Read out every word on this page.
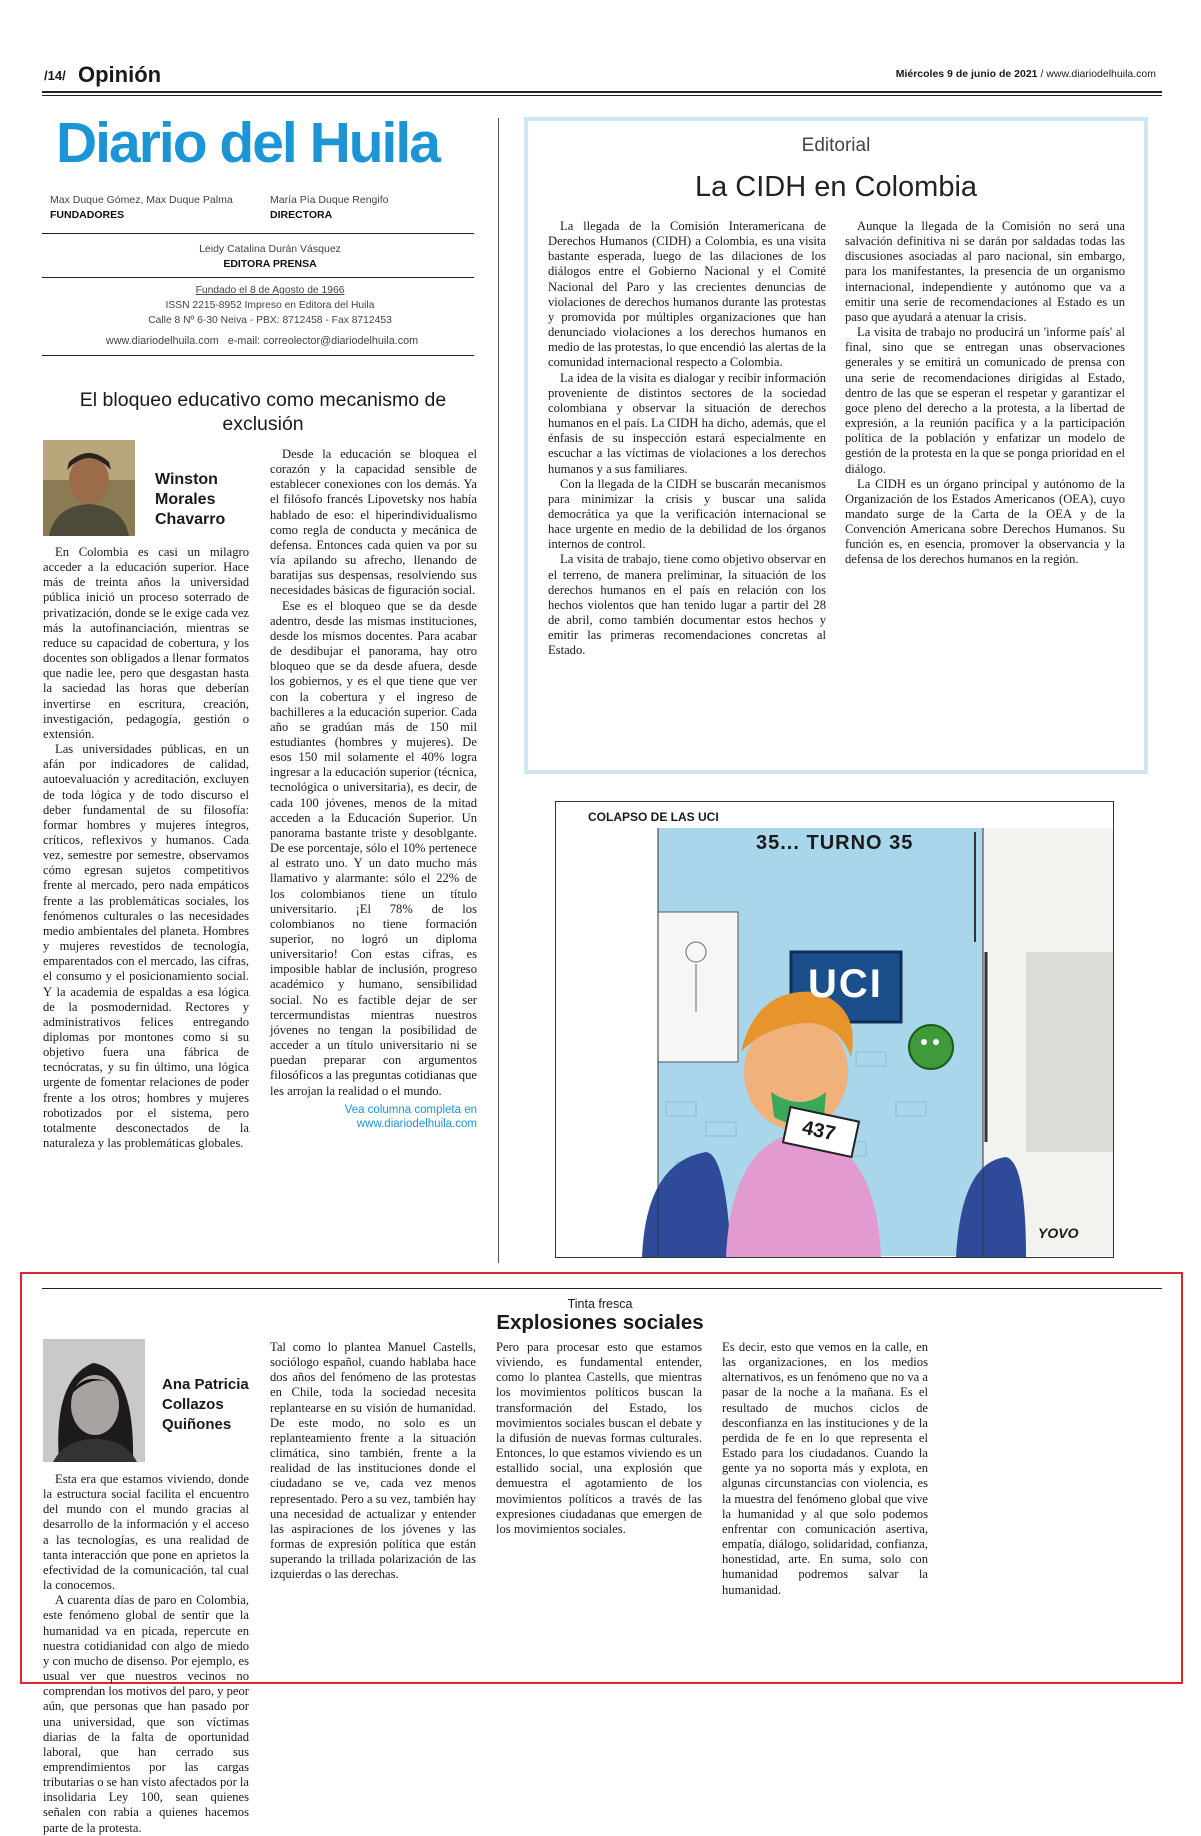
/14/ Opinión	Miércoles 9 de junio de 2021 / www.diariodelhuila.com
Diario del Huila
Max Duque Gómez, Max Duque Palma
FUNDADORES
María Pía Duque Rengifo
DIRECTORA
Leidy Catalina Durán Vásquez
EDITORA PRENSA
Fundado el 8 de Agosto de 1966
ISSN 2215-8952 Impreso en Editora del Huila
Calle 8 Nº 6-30 Neiva - PBX: 8712458 - Fax 8712453
www.diariodelhuila.com e-mail: correolector@diariodelhuila.com
El bloqueo educativo como mecanismo de exclusión
Winston Morales Chavarro

En Colombia es casi un milagro acceder a la educación superior. Hace más de treinta años la universidad pública inició un proceso soterrado de privatización, donde se le exige cada vez más la autofinanciación, mientras se reduce su capacidad de cobertura, y los docentes son obligados a llenar formatos que nadie lee, pero que desgastan hasta la saciedad las horas que deberían invertirse en escritura, creación, investigación, pedagogía, gestión o extensión.

Las universidades públicas, en un afán por indicadores de calidad, autoevaluación y acreditación, excluyen de toda lógica y de todo discurso el deber fundamental de su filosofía: formar hombres y mujeres íntegros, críticos, reflexivos y humanos. Cada vez, semestre por semestre, observamos cómo egresan sujetos competitivos frente al mercado, pero nada empáticos frente a las problemáticas sociales, los fenómenos culturales o las necesidades medio ambientales del planeta. Hombres y mujeres revestidos de tecnología, emparentados con el mercado, las cifras, el consumo y el posicionamiento social. Y la academia de espaldas a esa lógica de la posmodernidad. Rectores y administrativos felices entregando diplomas por montones como si su objetivo fuera una fábrica de tecnócratas, y su fin último, una lógica urgente de fomentar relaciones de poder frente a los otros; hombres y mujeres robotizados por el sistema, pero totalmente desconectados de la naturaleza y las problemáticas globales.

Desde la educación se bloquea el corazón y la capacidad sensible de establecer conexiones con los demás. Ya el filósofo francés Lipovetsky nos había hablado de eso: el hiperindividualismo como regla de conducta y mecánica de defensa. Entonces cada quien va por su vía apilando su afrecho, llenando de baratijas sus despensas, resolviendo sus necesidades básicas de figuración social.

Ese es el bloqueo que se da desde adentro, desde las mismas instituciones, desde los mismos docentes. Para acabar de desdibujar el panorama, hay otro bloqueo que se da desde afuera, desde los gobiernos, y es el que tiene que ver con la cobertura y el ingreso de bachilleres a la educación superior. Cada año se gradúan más de 150 mil estudiantes (hombres y mujeres). De esos 150 mil solamente el 40% logra ingresar a la educación superior (técnica, tecnológica o universitaria), es decir, de cada 100 jóvenes, menos de la mitad acceden a la Educación Superior. Un panorama bastante triste y desoblgante. De ese porcentaje, sólo el 10% pertenece al estrato uno. Y un dato mucho más llamativo y alarmante: sólo el 22% de los colombianos tiene un título universitario. ¡El 78% de los colombianos no tiene formación superior, no logró un diploma universitario! Con estas cifras, es imposible hablar de inclusión, progreso académico y humano, sensibilidad social. No es factible dejar de ser tercermundistas mientras nuestros jóvenes no tengan la posibilidad de acceder a un título universitario ni se puedan preparar con argumentos filosóficos a las preguntas cotidianas que les arrojan la realidad o el mundo.

Vea columna completa en
www.diariodelhuila.com
Editorial
La CIDH en Colombia

La llegada de la Comisión Interamericana de Derechos Humanos (CIDH) a Colombia, es una visita bastante esperada, luego de las dilaciones de los diálogos entre el Gobierno Nacional y el Comité Nacional del Paro y las crecientes denuncias de violaciones de derechos humanos durante las protestas y promovida por múltiples organizaciones que han denunciado violaciones a los derechos humanos en medio de las protestas, lo que encendió las alertas de la comunidad internacional respecto a Colombia.

La idea de la visita es dialogar y recibir información proveniente de distintos sectores de la sociedad colombiana y observar la situación de derechos humanos en el país. La CIDH ha dicho, además, que el énfasis de su inspección estará especialmente en escuchar a las víctimas de violaciones a los derechos humanos y a sus familiares.

Con la llegada de la CIDH se buscarán mecanismos para minimizar la crisis y buscar una salida democrática ya que la verificación internacional se hace urgente en medio de la debilidad de los órganos internos de control.

La visita de trabajo, tiene como objetivo observar en el terreno, de manera preliminar, la situación de los derechos humanos en el país en relación con los hechos violentos que han tenido lugar a partir del 28 de abril, como también documentar estos hechos y emitir las primeras recomendaciones concretas al Estado.

Aunque la llegada de la Comisión no será una salvación definitiva ni se darán por saldadas todas las discusiones asociadas al paro nacional, sin embargo, para los manifestantes, la presencia de un organismo internacional, independiente y autónomo que va a emitir una serie de recomendaciones al Estado es un paso que ayudará a atenuar la crisis.

La visita de trabajo no producirá un 'informe país' al final, sino que se entregan unas observaciones generales y se emitirá un comunicado de prensa con una serie de recomendaciones dirigidas al Estado, dentro de las que se esperan el respetar y garantizar el goce pleno del derecho a la protesta, a la libertad de expresión, a la reunión pacífica y a la participación política de la población y enfatizar un modelo de gestión de la protesta en la que se ponga prioridad en el diálogo.

La CIDH es un órgano principal y autónomo de la Organización de los Estados Americanos (OEA), cuyo mandato surge de la Carta de la OEA y de la Convención Americana sobre Derechos Humanos. Su función es, en esencia, promover la observancia y la defensa de los derechos humanos en la región.

COLAPSO DE LAS UCI
35... TURNO 35
UCI
437
YOVO
Tinta fresca
Explosiones sociales
Ana Patricia Collazos Quiñones

Esta era que estamos viviendo, donde la estructura social facilita el encuentro del mundo con el mundo gracias al desarrollo de la información y el acceso a las tecnologías, es una realidad de tanta interacción que pone en aprietos la efectividad de la comunicación, tal cual la conocemos.

A cuarenta días de paro en Colombia, este fenómeno global de sentir que la humanidad va en picada, repercute en nuestra cotidianidad con algo de miedo y con mucho de disenso. Por ejemplo, es usual ver que nuestros vecinos no comprendan los motivos del paro, y peor aún, que personas que han pasado por una universidad, que son víctimas diarias de la falta de oportunidad laboral, que han cerrado sus emprendimientos por las cargas tributarias o se han visto afectados por la insolidaria Ley 100, sean quienes señalen con rabia a quienes hacemos parte de la protesta.

Tal como lo plantea Manuel Castells, sociólogo español, cuando hablaba hace dos años del fenómeno de las protestas en Chile, toda la sociedad necesita replantearse en su visión de humanidad. De este modo, no solo es un replanteamiento frente a la situación climática, sino también, frente a la realidad de las instituciones donde el ciudadano se ve, cada vez menos representado. Pero a su vez, también hay una necesidad de actualizar y entender las aspiraciones de los jóvenes y las formas de expresión política que están superando la trillada polarización de las izquierdas o las derechas.

Pero para procesar esto que estamos viviendo, es fundamental entender, como lo plantea Castells, que mientras los movimientos políticos buscan la transformación del Estado, los movimientos sociales buscan el debate y la difusión de nuevas formas culturales. Entonces, lo que estamos viviendo es un estallido social, una explosión que demuestra el agotamiento de los movimientos políticos a través de las expresiones ciudadanas que emergen de los movimientos sociales.

Es decir, esto que vemos en la calle, en las organizaciones, en los medios alternativos, es un fenómeno que no va a pasar de la noche a la mañana. Es el resultado de muchos ciclos de desconfianza en las instituciones y de la perdida de fe en lo que representa el Estado para los ciudadanos. Cuando la gente ya no soporta más y explota, en algunas circunstancias con violencia, es la muestra del fenómeno global que vive la humanidad y al que solo podemos enfrentar con comunicación asertiva, empatía, diálogo, solidaridad, confianza, honestidad, arte. En suma, solo con humanidad podremos salvar la humanidad.
